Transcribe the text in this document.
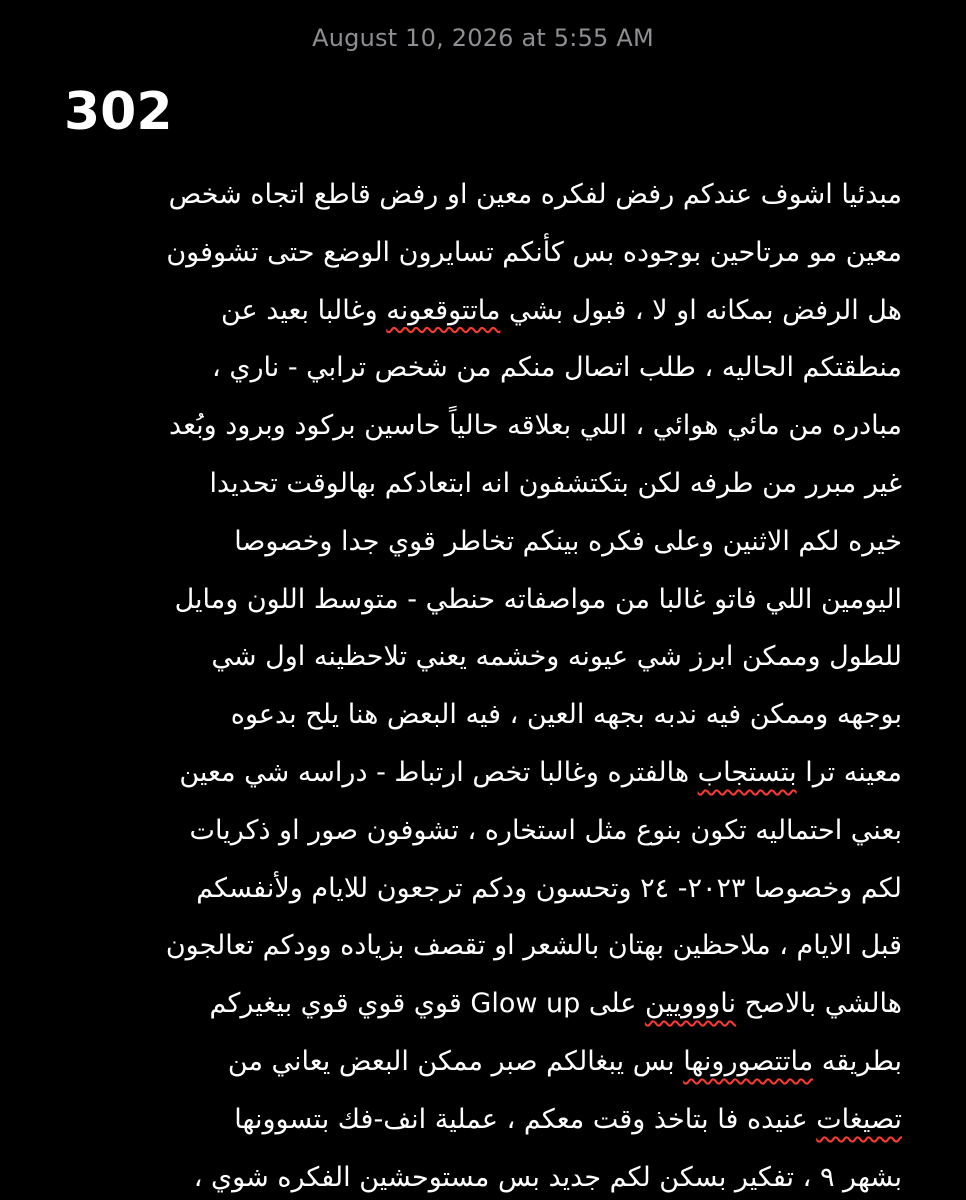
August 10, 2026 at 5:55 AM
302
مبدئيا اشوف عندكم رفض لفكره معين او رفض قاطع اتجاه شخص
معين مو مرتاحين بوجوده بس كأنكم تسايرون الوضع حتى تشوفون
هل الرفض بمكانه او لا ، قبول بشي ماتتوقعونه وغالبا بعيد عن
منطقتكم الحاليه ، طلب اتصال منكم من شخص ترابي - ناري ،
مبادره من مائي هوائي ، اللي بعلاقه حالياً حاسين بركود وبرود وبُعد
غير مبرر من طرفه لكن بتكتشفون انه ابتعادكم بهالوقت تحديدا
خيره لكم الاثنين وعلى فكره بينكم تخاطر قوي جدا وخصوصا
اليومين اللي فاتو غالبا من مواصفاته حنطي - متوسط اللون ومايل
للطول وممكن ابرز شي عيونه وخشمه يعني تلاحظينه اول شي
بوجهه وممكن فيه ندبه بجهه العين ، فيه البعض هنا يلح بدعوه
معينه ترا بتستجاب هالفتره وغالبا تخص ارتباط - دراسه شي معين
بعني احتماليه تكون بنوع مثل استخاره ، تشوفون صور او ذكريات
لكم وخصوصا ٢٠٢٣- ٢٤ وتحسون ودكم ترجعون للايام ولأنفسكم
قبل الايام ، ملاحظين بهتان بالشعر او تقصف بزياده وودكم تعالجون
هالشي بالاصح ناووويين على Glow up قوي قوي قوي بيغيركم
بطريقه ماتتصورونها بس يبغالكم صبر ممكن البعض يعاني من
تصيغات عنيده فا بتاخذ وقت معكم ، عملية انف-فك بتسوونها
بشهر ٩ ، تفكير بسكن لكم جديد بس مستوحشين الفكره شوي ،
